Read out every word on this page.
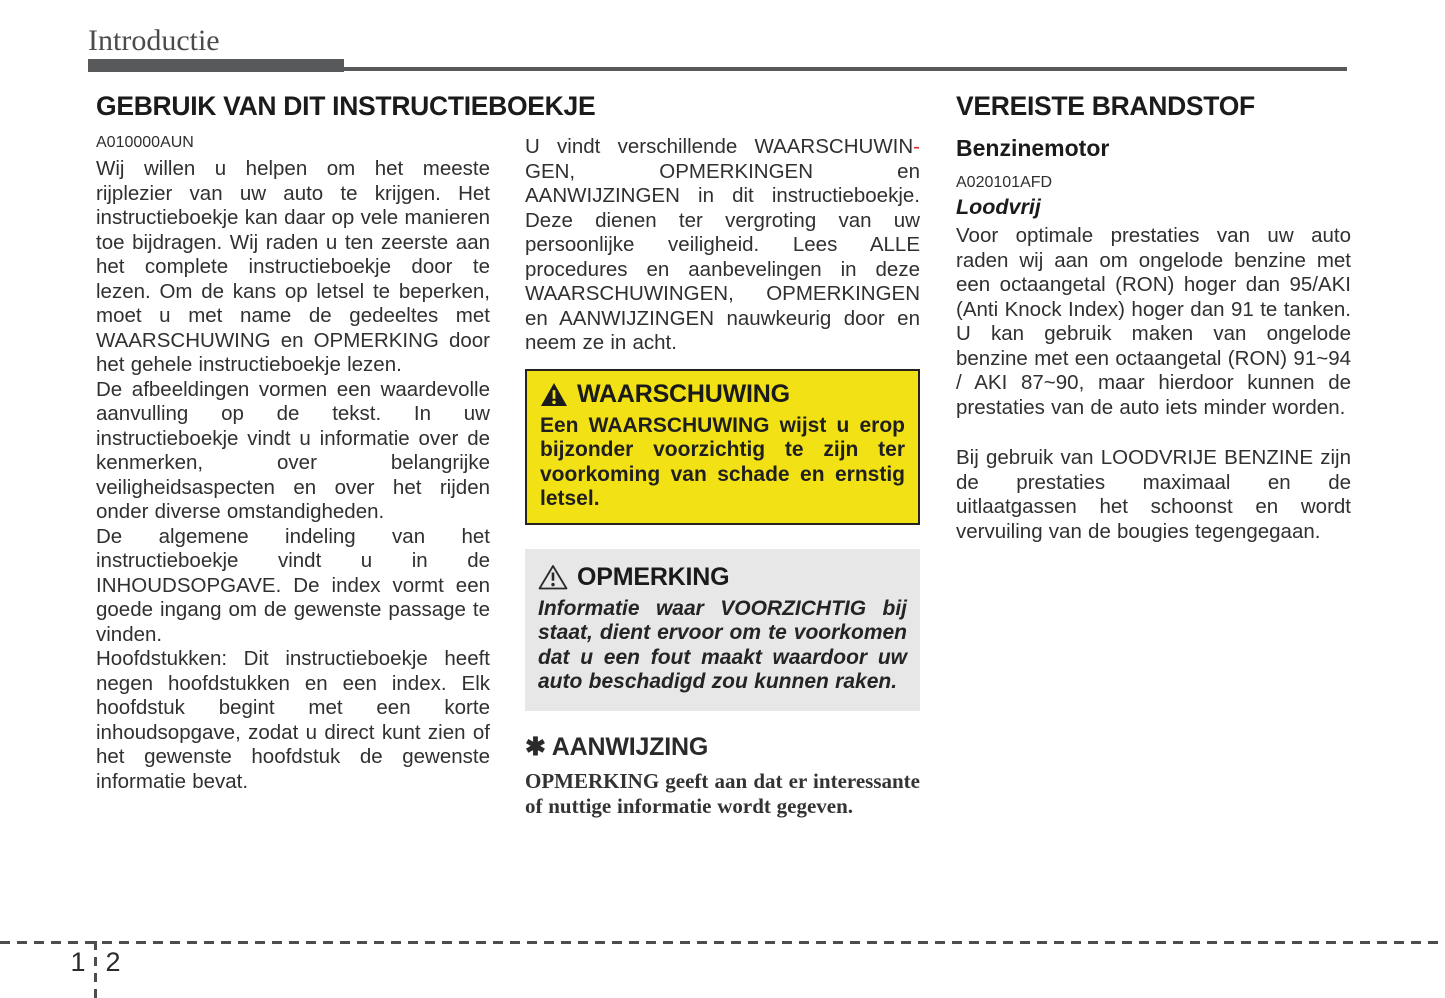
Introductie
GEBRUIK VAN DIT INSTRUCTIEBOEKJE
A010000AUN

Wij willen u helpen om het meeste rijplezier van uw auto te krijgen. Het instructieboekje kan daar op vele manieren toe bijdragen. Wij raden u ten zeerste aan het complete instructieboekje door te lezen. Om de kans op letsel te beperken, moet u met name de gedeeltes met WAARSCHUWING en OPMERKING door het gehele instructieboekje lezen.

De afbeeldingen vormen een waardevolle aanvulling op de tekst. In uw instructieboekje vindt u informatie over de kenmerken, over belangrijke veiligheidsaspecten en over het rijden onder diverse omstandigheden.

De algemene indeling van het instructieboekje vindt u in de INHOUDSOPGAVE. De index vormt een goede ingang om de gewenste passage te vinden.

Hoofdstukken: Dit instructieboekje heeft negen hoofdstukken en een index. Elk hoofdstuk begint met een korte inhoudsopgave, zodat u direct kunt zien of het gewenste hoofdstuk de gewenste informatie bevat.

U vindt verschillende WAARSCHUWIN-GEN, OPMERKINGEN en AANWIJZINGEN in dit instructieboekje. Deze dienen ter vergroting van uw persoonlijke veiligheid. Lees ALLE procedures en aanbevelingen in deze WAARSCHUWINGEN, OPMERKINGEN en AANWIJZINGEN nauwkeurig door en neem ze in acht.

WAARSCHUWING

Een WAARSCHUWING wijst u erop bijzonder voorzichtig te zijn ter voorkoming van schade en ernstig letsel.

OPMERKING

Informatie waar VOORZICHTIG bij staat, dient ervoor om te voorkomen dat u een fout maakt waardoor uw auto beschadigd zou kunnen raken.

✱ AANWIJZING

OPMERKING geeft aan dat er interessante of nuttige informatie wordt gegeven.

VEREISTE BRANDSTOF
Benzinemotor
A020101AFD
Loodvrij

Voor optimale prestaties van uw auto raden wij aan om ongelode benzine met een octaangetal (RON) hoger dan 95/AKI (Anti Knock Index) hoger dan 91 te tanken. U kan gebruik maken van ongelode benzine met een octaangetal (RON) 91~94 / AKI 87~90, maar hierdoor kunnen de prestaties van de auto iets minder worden.

Bij gebruik van LOODVRIJE BENZINE zijn de prestaties maximaal en de uitlaatgassen het schoonst en wordt vervuiling van de bougies tegengegaan.

1 2
